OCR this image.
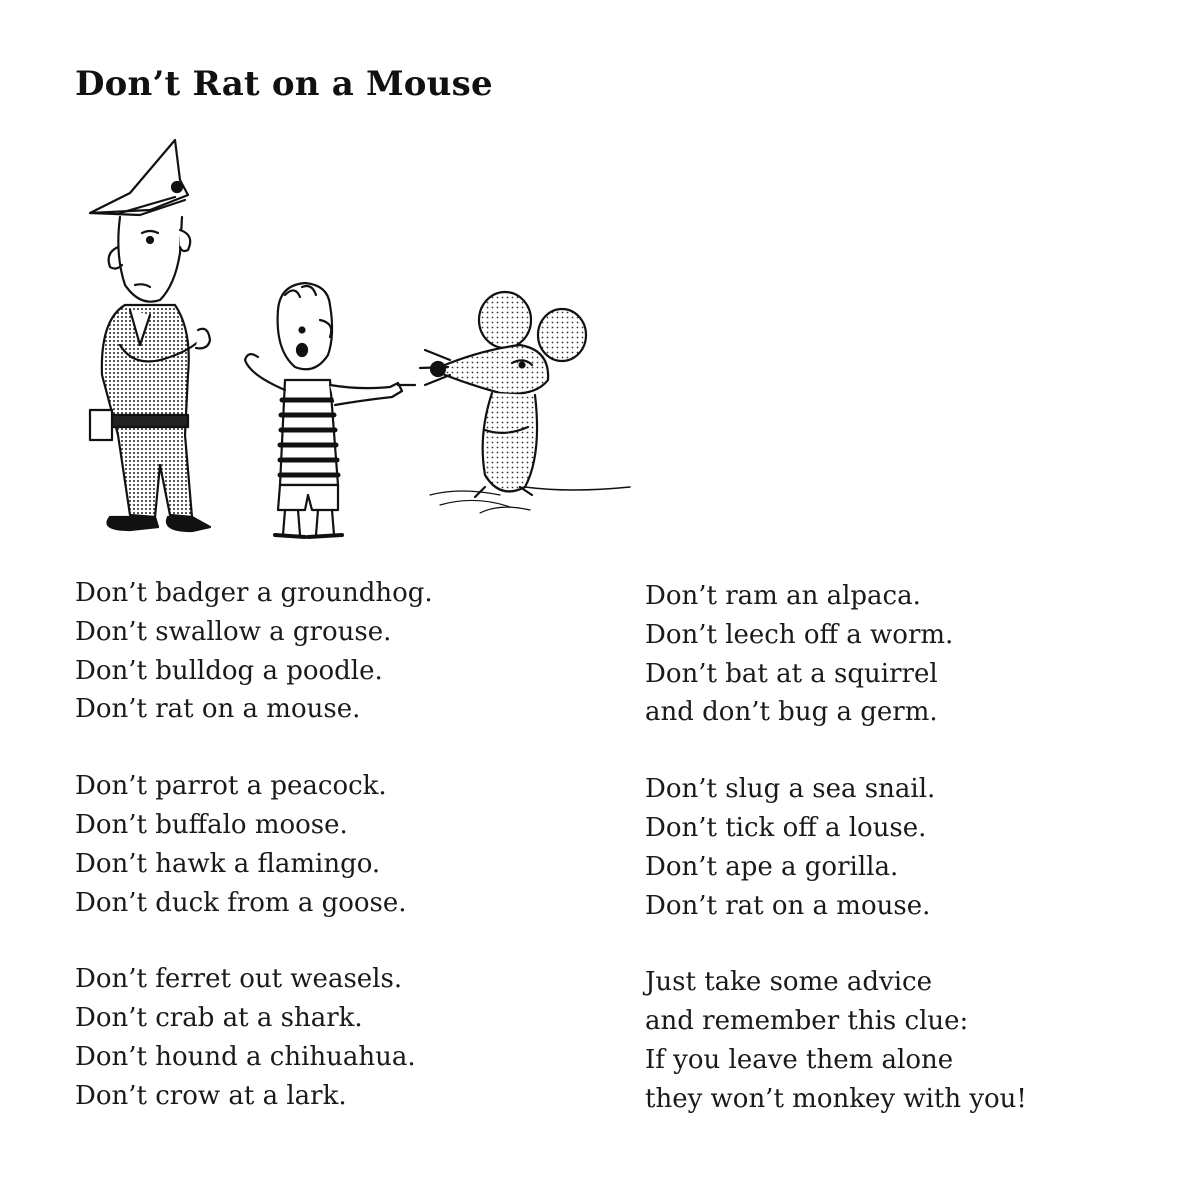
Don’t Rat on a Mouse
Don’t badger a groundhog.
Don’t swallow a grouse.
Don’t bulldog a poodle.
Don’t rat on a mouse.
Don’t parrot a peacock.
Don’t buffalo moose.
Don’t hawk a flamingo.
Don’t duck from a goose.
Don’t ferret out weasels.
Don’t crab at a shark.
Don’t hound a chihuahua.
Don’t crow at a lark.
Don’t ram an alpaca.
Don’t leech off a worm.
Don’t bat at a squirrel
and don’t bug a germ.
Don’t slug a sea snail.
Don’t tick off a louse.
Don’t ape a gorilla.
Don’t rat on a mouse.
Just take some advice
and remember this clue:
If you leave them alone
they won’t monkey with you!
